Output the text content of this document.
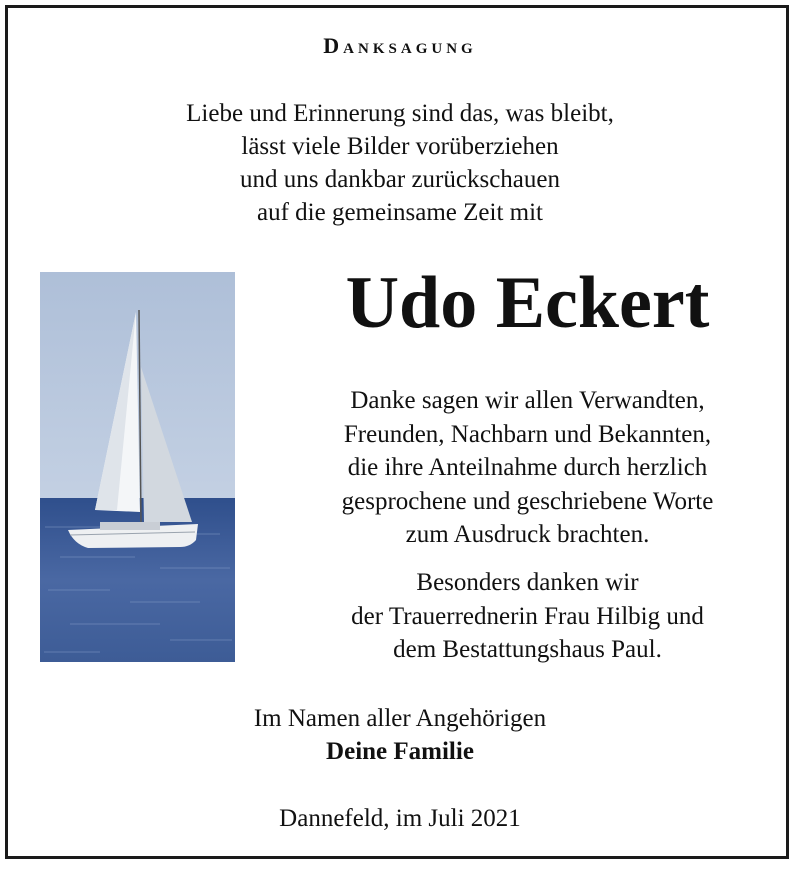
Danksagung
Liebe und Erinnerung sind das, was bleibt,
lässt viele Bilder vorüberziehen
und uns dankbar zurückschauen
auf die gemeinsame Zeit mit
Udo Eckert
Danke sagen wir allen Verwandten,
Freunden, Nachbarn und Bekannten,
die ihre Anteilnahme durch herzlich
gesprochene und geschriebene Worte
zum Ausdruck brachten.
Besonders danken wir
der Trauerrednerin Frau Hilbig und
dem Bestattungshaus Paul.
Im Namen aller Angehörigen
Deine Familie
Dannefeld, im Juli 2021
